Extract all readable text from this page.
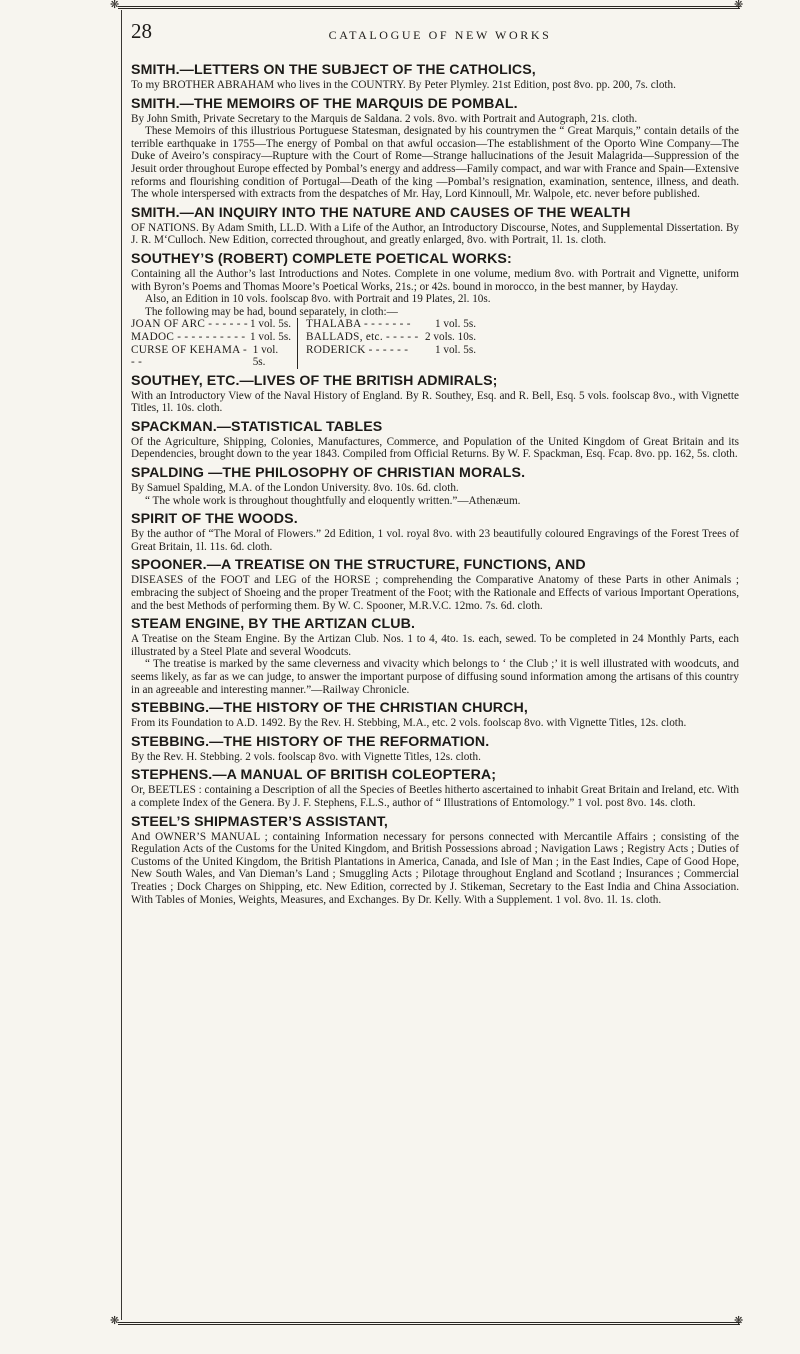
❋	❋
❋	❋
28	CATALOGUE OF NEW WORKS
SMITH.—LETTERS ON THE SUBJECT OF THE CATHOLICS,
To my BROTHER ABRAHAM who lives in the COUNTRY. By Peter Plymley. 21st Edition, post 8vo. pp. 200, 7s. cloth.
SMITH.—THE MEMOIRS OF THE MARQUIS DE POMBAL.
By John Smith, Private Secretary to the Marquis de Saldana. 2 vols. 8vo. with Portrait and Autograph, 21s. cloth.
These Memoirs of this illustrious Portuguese Statesman, designated by his countrymen the “ Great Marquis,” contain details of the terrible earthquake in 1755—The energy of Pombal on that awful occasion—The establishment of the Oporto Wine Company—The Duke of Aveiro’s conspiracy—Rupture with the Court of Rome—Strange hallucinations of the Jesuit Malagrida—Suppression of the Jesuit order throughout Europe effected by Pombal’s energy and address—Family compact, and war with France and Spain—Extensive reforms and flourishing condition of Portugal—Death of the king —Pombal’s resignation, examination, sentence, illness, and death. The whole interspersed with extracts from the despatches of Mr. Hay, Lord Kinnoull, Mr. Walpole, etc. never before published.
SMITH.—AN INQUIRY INTO THE NATURE AND CAUSES OF THE WEALTH
OF NATIONS. By Adam Smith, LL.D. With a Life of the Author, an Introductory Discourse, Notes, and Supplemental Dissertation. By J. R. M‘Culloch. New Edition, corrected throughout, and greatly enlarged, 8vo. with Portrait, 1l. 1s. cloth.
SOUTHEY’S (ROBERT) COMPLETE POETICAL WORKS:
Containing all the Author’s last Introductions and Notes. Complete in one volume, medium 8vo. with Portrait and Vignette, uniform with Byron’s Poems and Thomas Moore’s Poetical Works, 21s.; or 42s. bound in morocco, in the best manner, by Hayday.
Also, an Edition in 10 vols. foolscap 8vo. with Portrait and 19 Plates, 2l. 10s.
The following may be had, bound separately, in cloth:—
JOAN OF ARC - - - - - - 1 vol. 5s.
MADOC - - - - - - - - - - 1 vol. 5s.
CURSE OF KEHAMA - - -
1 vol. 5s.
THALABA - - - - - - - 1 vol. 5s.
BALLADS, etc. - - - - - 2 vols. 10s.
RODERICK - - - - - - 1 vol. 5s.
SOUTHEY, ETC.—LIVES OF THE BRITISH ADMIRALS;
With an Introductory View of the Naval History of England. By R. Southey, Esq. and R. Bell, Esq. 5 vols. foolscap 8vo., with Vignette Titles, 1l. 10s. cloth.
SPACKMAN.—STATISTICAL TABLES
Of the Agriculture, Shipping, Colonies, Manufactures, Commerce, and Population of the United Kingdom of Great Britain and its Dependencies, brought down to the year 1843. Compiled from Official Returns. By W. F. Spackman, Esq. Fcap. 8vo. pp. 162, 5s. cloth.
SPALDING —THE PHILOSOPHY OF CHRISTIAN MORALS.
By Samuel Spalding, M.A. of the London University. 8vo. 10s. 6d. cloth.
“ The whole work is throughout thoughtfully and eloquently written.”—Athenæum.
SPIRIT OF THE WOODS.
By the author of “The Moral of Flowers.” 2d Edition, 1 vol. royal 8vo. with 23 beautifully coloured Engravings of the Forest Trees of Great Britain, 1l. 11s. 6d. cloth.
SPOONER.—A TREATISE ON THE STRUCTURE, FUNCTIONS, AND
DISEASES of the FOOT and LEG of the HORSE ; comprehending the Comparative Anatomy of these Parts in other Animals ; embracing the subject of Shoeing and the proper Treatment of the Foot; with the Rationale and Effects of various Important Operations, and the best Methods of performing them. By W. C. Spooner, M.R.V.C. 12mo. 7s. 6d. cloth.
STEAM ENGINE, BY THE ARTIZAN CLUB.
A Treatise on the Steam Engine. By the Artizan Club. Nos. 1 to 4, 4to. 1s. each, sewed. To be completed in 24 Monthly Parts, each illustrated by a Steel Plate and several Woodcuts.
“ The treatise is marked by the same cleverness and vivacity which belongs to ‘ the Club ;’ it is well illustrated with woodcuts, and seems likely, as far as we can judge, to answer the important purpose of diffusing sound information among the artisans of this country in an agreeable and interesting manner.”—Railway Chronicle.
STEBBING.—THE HISTORY OF THE CHRISTIAN CHURCH,
From its Foundation to A.D. 1492. By the Rev. H. Stebbing, M.A., etc. 2 vols. foolscap 8vo. with Vignette Titles, 12s. cloth.
STEBBING.—THE HISTORY OF THE REFORMATION.
By the Rev. H. Stebbing. 2 vols. foolscap 8vo. with Vignette Titles, 12s. cloth.
STEPHENS.—A MANUAL OF BRITISH COLEOPTERA;
Or, BEETLES : containing a Description of all the Species of Beetles hitherto ascertained to inhabit Great Britain and Ireland, etc. With a complete Index of the Genera. By J. F. Stephens, F.L.S., author of “ Illustrations of Entomology.” 1 vol. post 8vo. 14s. cloth.
STEEL’S SHIPMASTER’S ASSISTANT,
And OWNER’S MANUAL ; containing Information necessary for persons connected with Mercantile Affairs ; consisting of the Regulation Acts of the Customs for the United Kingdom, and British Possessions abroad ; Navigation Laws ; Registry Acts ; Duties of Customs of the United Kingdom, the British Plantations in America, Canada, and Isle of Man ; in the East Indies, Cape of Good Hope, New South Wales, and Van Dieman’s Land ; Smuggling Acts ; Pilotage throughout England and Scotland ; Insurances ; Commercial Treaties ; Dock Charges on Shipping, etc. New Edition, corrected by J. Stikeman, Secretary to the East India and China Association. With Tables of Monies, Weights, Measures, and Exchanges. By Dr. Kelly. With a Supplement. 1 vol. 8vo. 1l. 1s. cloth.
